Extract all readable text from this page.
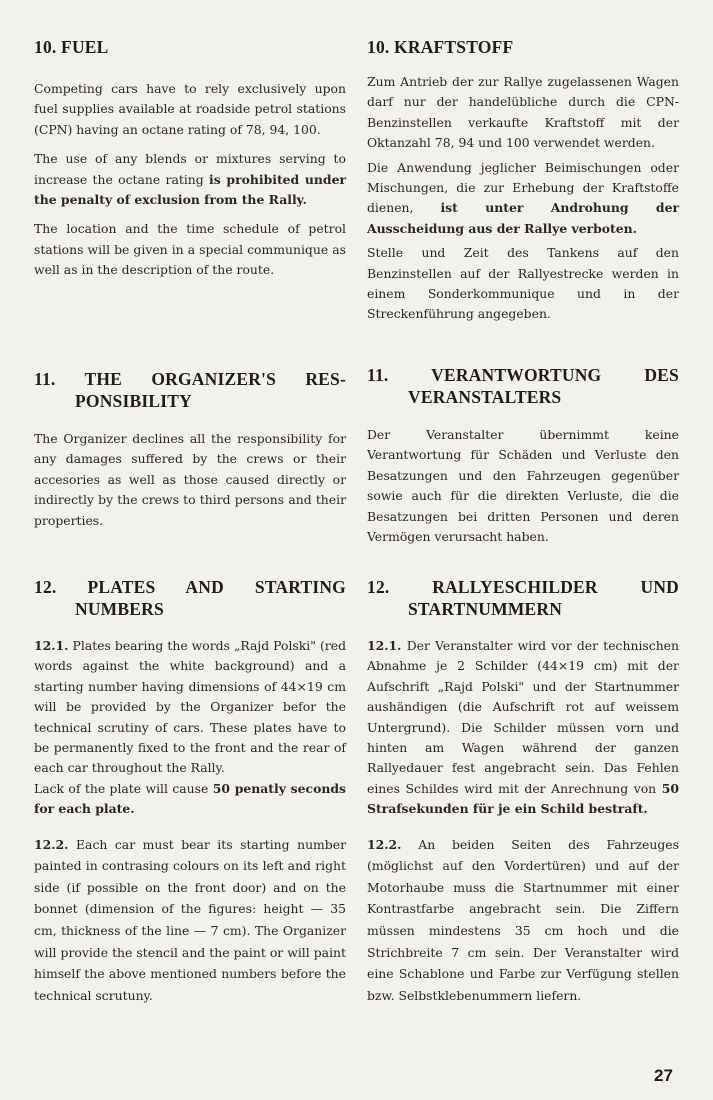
10. FUEL

Competing cars have to rely exclusively upon fuel supplies available at roadside petrol stations (CPN) having an octane rating of 78, 94, 100.

The use of any blends or mixtures serving to increase the octane rating is prohibited under the penalty of exclusion from the Rally.

The location and the time schedule of petrol stations will be given in a special communique as well as in the description of the route.

10. KRAFTSTOFF

Zum Antrieb der zur Rallye zugelassenen Wagen darf nur der handelübliche durch die CPN-Benzinstellen verkaufte Kraftstoff mit der Oktanzahl 78, 94 und 100 verwendet werden.

Die Anwendung jeglicher Beimischungen oder Mischungen, die zur Erhebung der Kraftstoffe dienen, ist unter Androhung der Ausscheidung aus der Rallye verboten.

Stelle und Zeit des Tankens auf den Benzinstellen auf der Rallyestrecke werden in einem Sonderkommunique und in der Streckenführung angegeben.

11. THE ORGANIZER'S RES-
PONSIBILITY

The Organizer declines all the responsibility for any damages suffered by the crews or their accesories as well as those caused directly or indirectly by the crews to third persons and their properties.

11. VERANTWORTUNG DES
VERANSTALTERS

Der Veranstalter übernimmt keine Verantwortung für Schäden und Verluste den Besatzungen und den Fahrzeugen gegenüber sowie auch für die direkten Verluste, die die Besatzungen bei dritten Personen und deren Vermögen verursacht haben.

12. PLATES AND STARTING
NUMBERS

12.1. Plates bearing the words „Rajd Polski" (red words against the white background) and a starting number having dimensions of 44×19 cm will be provided by the Organizer befor the technical scrutiny of cars. These plates have to be permanently fixed to the front and the rear of each car throughout the Rally.

Lack of the plate will cause 50 penatly seconds for each plate.

12.2. Each car must bear its starting number painted in contrasing colours on its left and right side (if possible on the front door) and on the bonnet (dimension of the figures: height — 35 cm, thickness of the line — 7 cm). The Organizer will provide the stencil and the paint or will paint himself the above mentioned numbers before the technical scrutuny.

12. RALLYESCHILDER UND
STARTNUMMERN

12.1. Der Veranstalter wird vor der technischen Abnahme je 2 Schilder (44×19 cm) mit der Aufschrift „Rajd Polski" und der Startnummer aushändigen (die Aufschrift rot auf weissem Untergrund). Die Schilder müssen vorn und hinten am Wagen während der ganzen Rallyedauer fest angebracht sein. Das Fehlen eines Schildes wird mit der Anrechnung von 50 Strafsekunden für je ein Schild bestraft.

12.2. An beiden Seiten des Fahrzeuges (möglichst auf den Vordertüren) und auf der Motorhaube muss die Startnummer mit einer Kontrastfarbe angebracht sein. Die Ziffern müssen mindestens 35 cm hoch und die Strichbreite 7 cm sein. Der Veranstalter wird eine Schablone und Farbe zur Verfügung stellen bzw. Selbstklebenummern liefern.

27
